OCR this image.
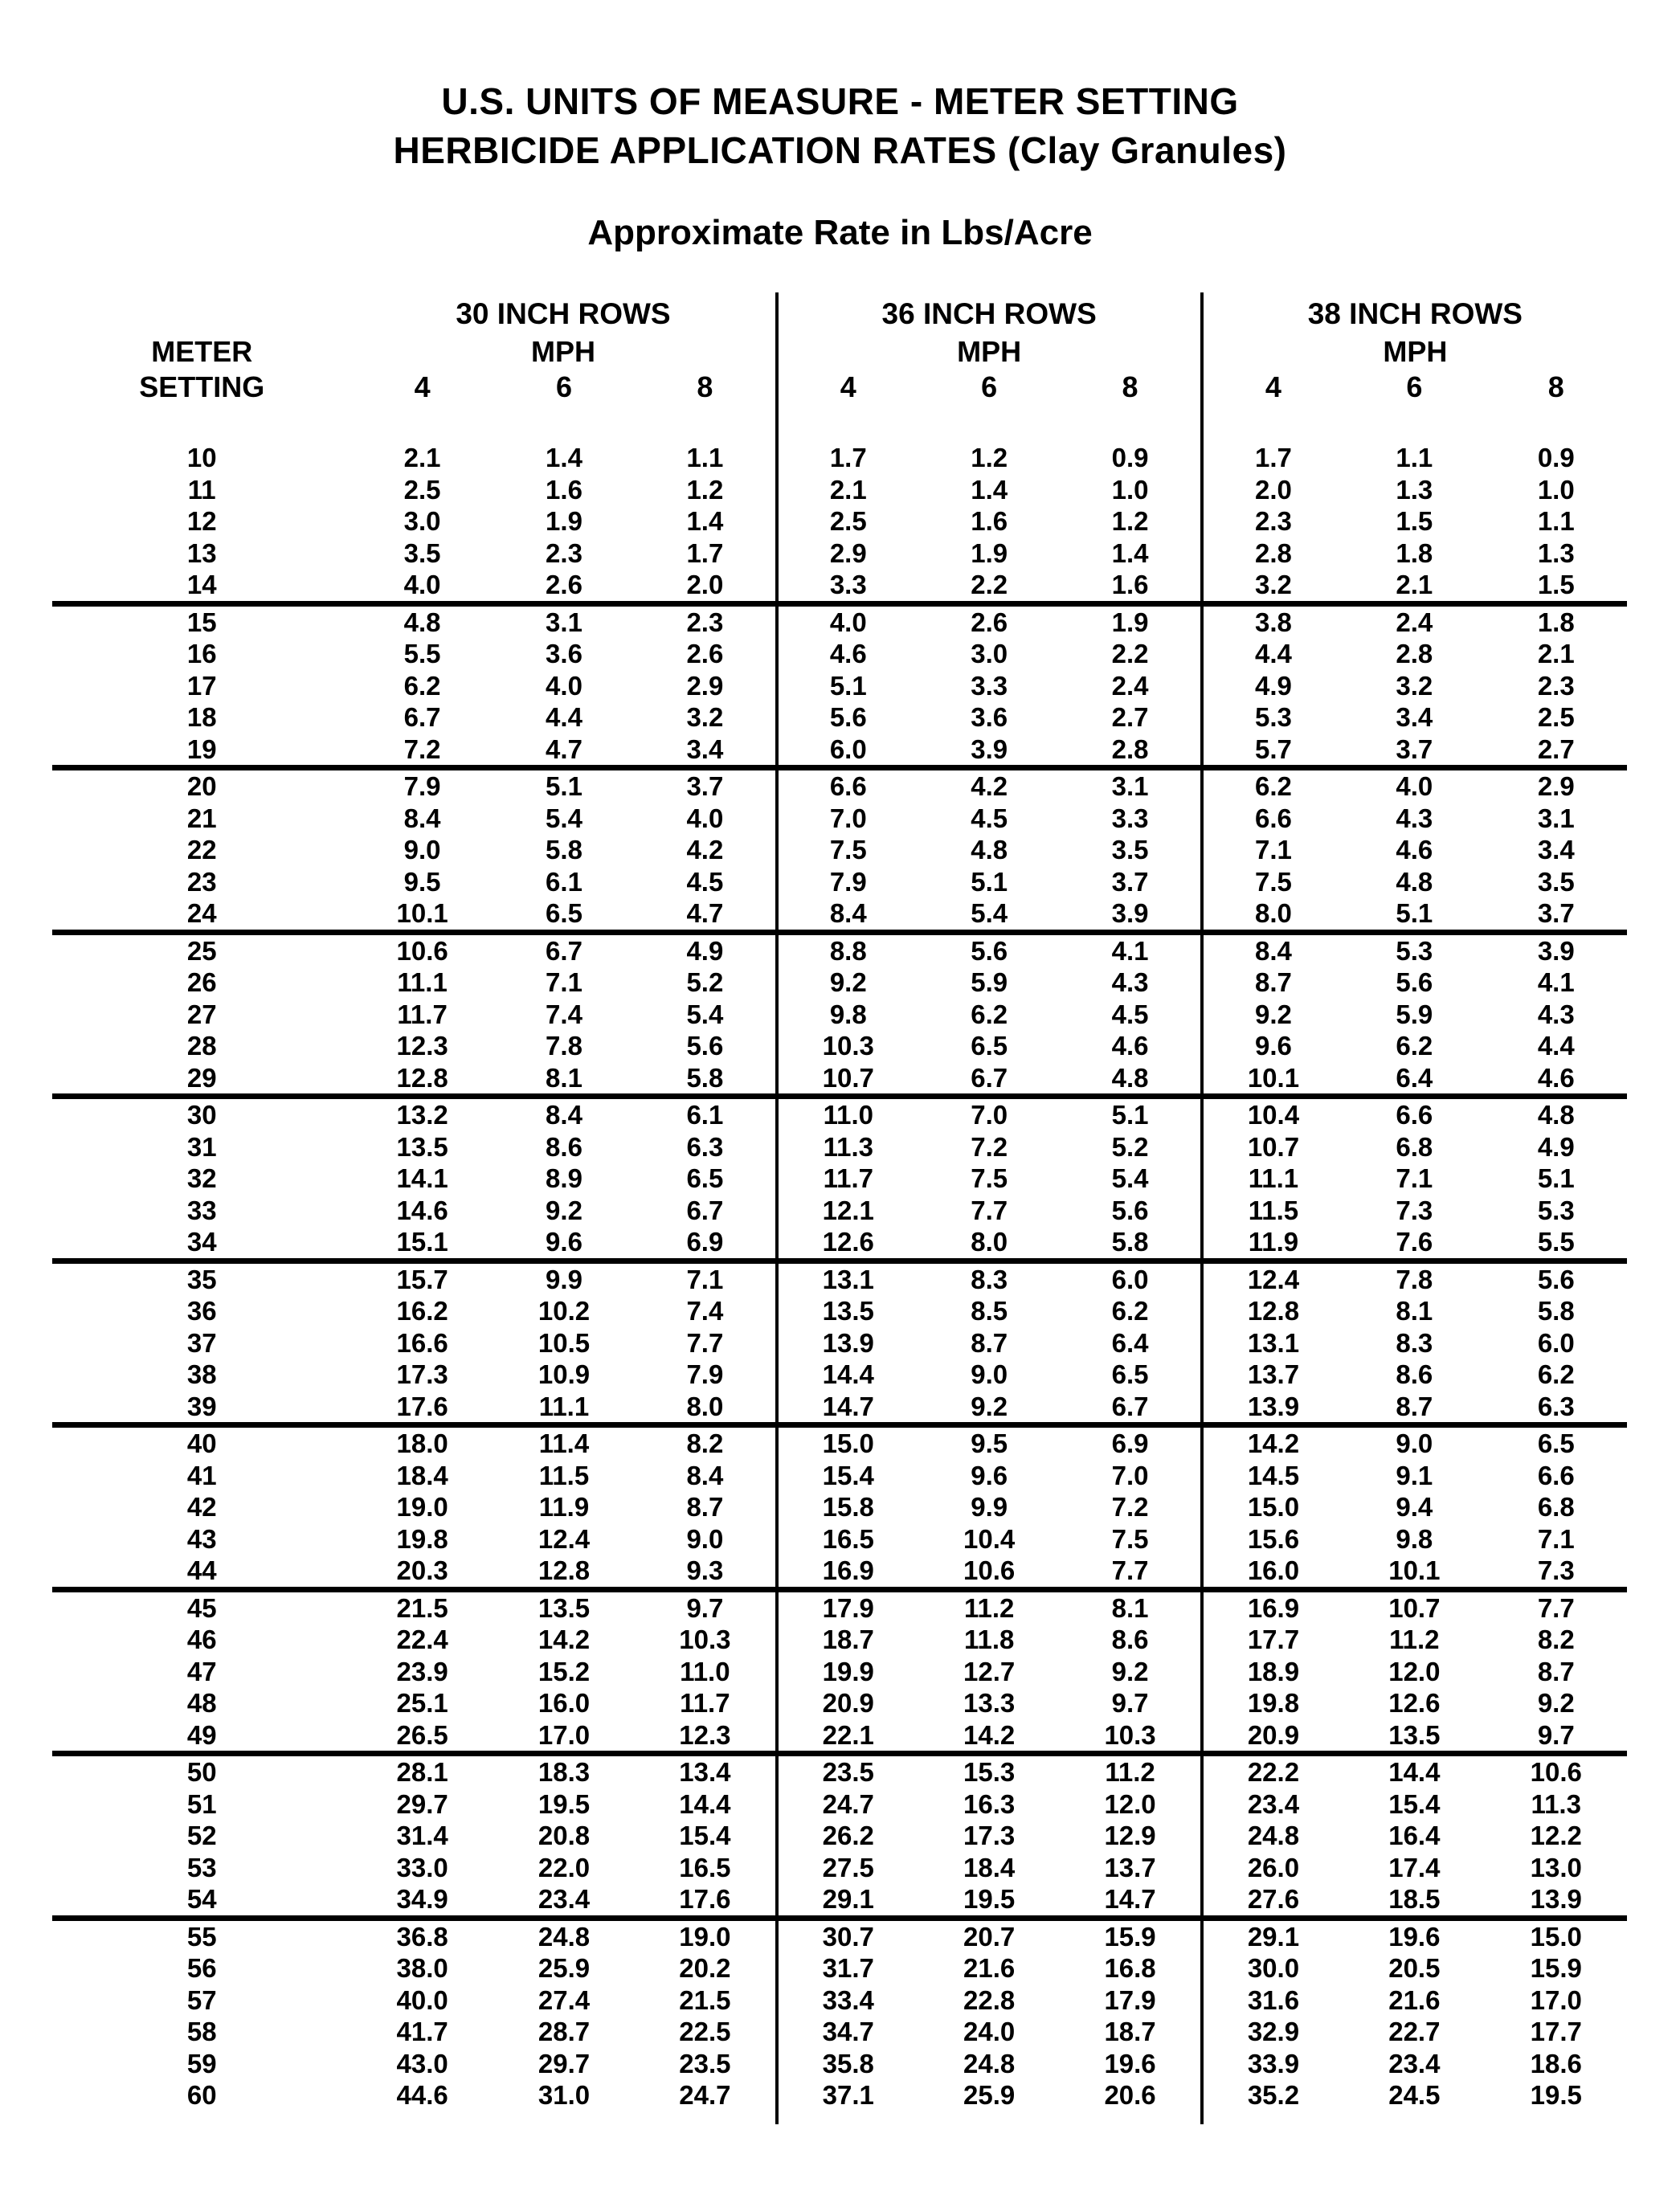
U.S. UNITS OF MEASURE - METER SETTING
HERBICIDE APPLICATION RATES (Clay Granules)
Approximate Rate in Lbs/Acre
	30 INCH ROWS			36 INCH ROWS			38 INCH ROWS		
METER	MPH			MPH			MPH		
SETTING	4	6	8	4	6	8	4	6	8

10	2.1	1.4	1.1	1.7	1.2	0.9	1.7	1.1	0.9
11	2.5	1.6	1.2	2.1	1.4	1.0	2.0	1.3	1.0
12	3.0	1.9	1.4	2.5	1.6	1.2	2.3	1.5	1.1
13	3.5	2.3	1.7	2.9	1.9	1.4	2.8	1.8	1.3
14	4.0	2.6	2.0	3.3	2.2	1.6	3.2	2.1	1.5
15	4.8	3.1	2.3	4.0	2.6	1.9	3.8	2.4	1.8
16	5.5	3.6	2.6	4.6	3.0	2.2	4.4	2.8	2.1
17	6.2	4.0	2.9	5.1	3.3	2.4	4.9	3.2	2.3
18	6.7	4.4	3.2	5.6	3.6	2.7	5.3	3.4	2.5
19	7.2	4.7	3.4	6.0	3.9	2.8	5.7	3.7	2.7
20	7.9	5.1	3.7	6.6	4.2	3.1	6.2	4.0	2.9
21	8.4	5.4	4.0	7.0	4.5	3.3	6.6	4.3	3.1
22	9.0	5.8	4.2	7.5	4.8	3.5	7.1	4.6	3.4
23	9.5	6.1	4.5	7.9	5.1	3.7	7.5	4.8	3.5
24	10.1	6.5	4.7	8.4	5.4	3.9	8.0	5.1	3.7
25	10.6	6.7	4.9	8.8	5.6	4.1	8.4	5.3	3.9
26	11.1	7.1	5.2	9.2	5.9	4.3	8.7	5.6	4.1
27	11.7	7.4	5.4	9.8	6.2	4.5	9.2	5.9	4.3
28	12.3	7.8	5.6	10.3	6.5	4.6	9.6	6.2	4.4
29	12.8	8.1	5.8	10.7	6.7	4.8	10.1	6.4	4.6
30	13.2	8.4	6.1	11.0	7.0	5.1	10.4	6.6	4.8
31	13.5	8.6	6.3	11.3	7.2	5.2	10.7	6.8	4.9
32	14.1	8.9	6.5	11.7	7.5	5.4	11.1	7.1	5.1
33	14.6	9.2	6.7	12.1	7.7	5.6	11.5	7.3	5.3
34	15.1	9.6	6.9	12.6	8.0	5.8	11.9	7.6	5.5
35	15.7	9.9	7.1	13.1	8.3	6.0	12.4	7.8	5.6
36	16.2	10.2	7.4	13.5	8.5	6.2	12.8	8.1	5.8
37	16.6	10.5	7.7	13.9	8.7	6.4	13.1	8.3	6.0
38	17.3	10.9	7.9	14.4	9.0	6.5	13.7	8.6	6.2
39	17.6	11.1	8.0	14.7	9.2	6.7	13.9	8.7	6.3
40	18.0	11.4	8.2	15.0	9.5	6.9	14.2	9.0	6.5
41	18.4	11.5	8.4	15.4	9.6	7.0	14.5	9.1	6.6
42	19.0	11.9	8.7	15.8	9.9	7.2	15.0	9.4	6.8
43	19.8	12.4	9.0	16.5	10.4	7.5	15.6	9.8	7.1
44	20.3	12.8	9.3	16.9	10.6	7.7	16.0	10.1	7.3
45	21.5	13.5	9.7	17.9	11.2	8.1	16.9	10.7	7.7
46	22.4	14.2	10.3	18.7	11.8	8.6	17.7	11.2	8.2
47	23.9	15.2	11.0	19.9	12.7	9.2	18.9	12.0	8.7
48	25.1	16.0	11.7	20.9	13.3	9.7	19.8	12.6	9.2
49	26.5	17.0	12.3	22.1	14.2	10.3	20.9	13.5	9.7
50	28.1	18.3	13.4	23.5	15.3	11.2	22.2	14.4	10.6
51	29.7	19.5	14.4	24.7	16.3	12.0	23.4	15.4	11.3
52	31.4	20.8	15.4	26.2	17.3	12.9	24.8	16.4	12.2
53	33.0	22.0	16.5	27.5	18.4	13.7	26.0	17.4	13.0
54	34.9	23.4	17.6	29.1	19.5	14.7	27.6	18.5	13.9
55	36.8	24.8	19.0	30.7	20.7	15.9	29.1	19.6	15.0
56	38.0	25.9	20.2	31.7	21.6	16.8	30.0	20.5	15.9
57	40.0	27.4	21.5	33.4	22.8	17.9	31.6	21.6	17.0
58	41.7	28.7	22.5	34.7	24.0	18.7	32.9	22.7	17.7
59	43.0	29.7	23.5	35.8	24.8	19.6	33.9	23.4	18.6
60	44.6	31.0	24.7	37.1	25.9	20.6	35.2	24.5	19.5
